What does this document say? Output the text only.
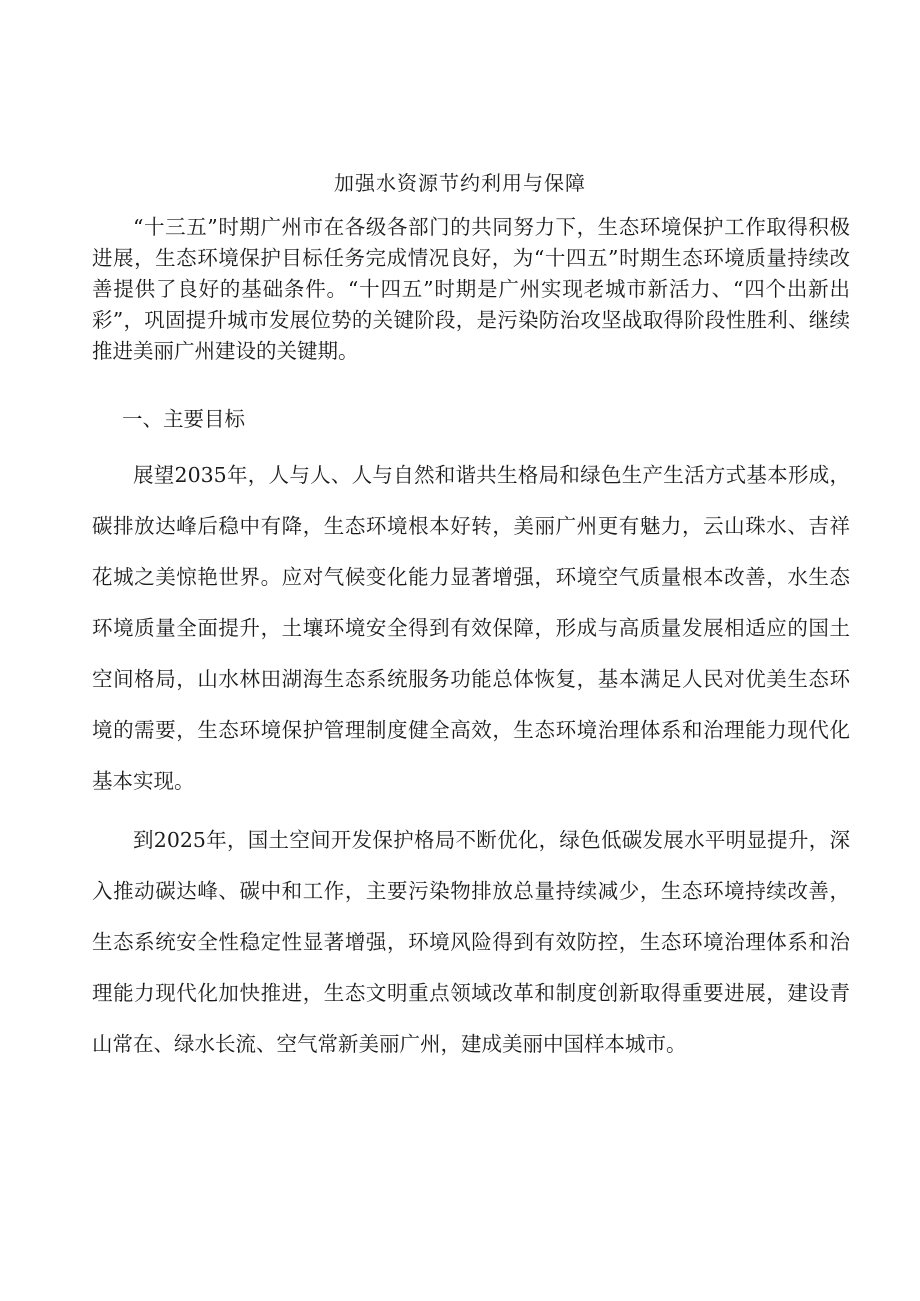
加强水资源节约利用与保障

“十三五”时期广州市在各级各部门的共同努力下，生态环境保护工作取得积极进展，生态环境保护目标任务完成情况良好，为“十四五”时期生态环境质量持续改善提供了良好的基础条件。“十四五”时期是广州实现老城市新活力、“四个出新出彩”，巩固提升城市发展位势的关键阶段，是污染防治攻坚战取得阶段性胜利、继续推进美丽广州建设的关键期。

一、主要目标

展望2035年，人与人、人与自然和谐共生格局和绿色生产生活方式基本形成，碳排放达峰后稳中有降，生态环境根本好转，美丽广州更有魅力，云山珠水、吉祥花城之美惊艳世界。应对气候变化能力显著增强，环境空气质量根本改善，水生态环境质量全面提升，土壤环境安全得到有效保障，形成与高质量发展相适应的国土空间格局，山水林田湖海生态系统服务功能总体恢复，基本满足人民对优美生态环境的需要，生态环境保护管理制度健全高效，生态环境治理体系和治理能力现代化基本实现。

到2025年，国土空间开发保护格局不断优化，绿色低碳发展水平明显提升，深入推动碳达峰、碳中和工作，主要污染物排放总量持续减少，生态环境持续改善，生态系统安全性稳定性显著增强，环境风险得到有效防控，生态环境治理体系和治理能力现代化加快推进，生态文明重点领域改革和制度创新取得重要进展，建设青山常在、绿水长流、空气常新美丽广州，建成美丽中国样本城市。
